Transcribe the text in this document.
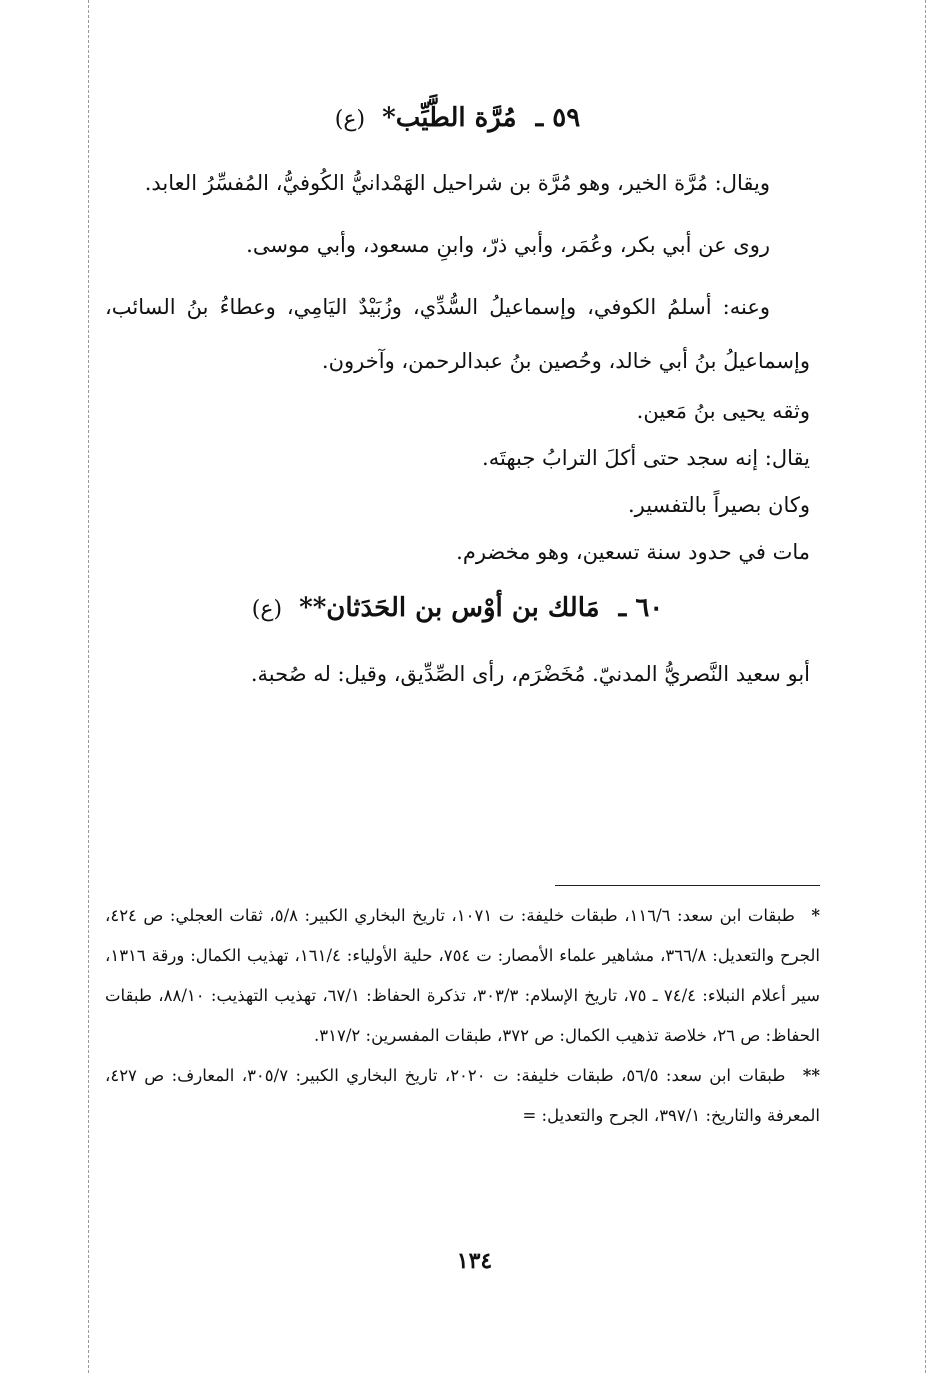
٥٩ ـ مُرَّة الطَّيِّب* (ع)

ويقال: مُرَّة الخير، وهو مُرَّة بن شراحيل الهَمْدانيُّ الكُوفيُّ، المُفسِّرُ العابد.

روى عن أبي بكر، وعُمَر، وأبي ذرّ، وابنِ مسعود، وأبي موسى.

وعنه: أسلمُ الكوفي، وإسماعيلُ السُّدِّي، وزُبَيْدٌ اليَامِي، وعطاءُ بنُ السائب، وإسماعيلُ بنُ أبي خالد، وحُصين بنُ عبدالرحمن، وآخرون.

وثقه يحيى بنُ مَعين.

يقال: إنه سجد حتى أكلَ الترابُ جبهتَه.

وكان بصيراً بالتفسير.

مات في حدود سنة تسعين، وهو مخضرم.

٦٠ ـ مَالك بن أوْس بن الحَدَثان** (ع)

أبو سعيد النَّصريُّ المدنيّ. مُخَضْرَم، رأى الصِّدِّيق، وقيل: له صُحبة.

* طبقات ابن سعد: ١١٦/٦، طبقات خليفة: ت ١٠٧١، تاريخ البخاري الكبير: ٥/٨، ثقات العجلي: ص ٤٢٤، الجرح والتعديل: ٣٦٦/٨، مشاهير علماء الأمصار: ت ٧٥٤، حلية الأولياء: ١٦١/٤، تهذيب الكمال: ورقة ١٣١٦، سير أعلام النبلاء: ٧٤/٤ ـ ٧٥، تاريخ الإسلام: ٣٠٣/٣، تذكرة الحفاظ: ٦٧/١، تهذيب التهذيب: ٨٨/١٠، طبقات الحفاظ: ص ٢٦، خلاصة تذهيب الكمال: ص ٣٧٢، طبقات المفسرين: ٣١٧/٢.

** طبقات ابن سعد: ٥٦/٥، طبقات خليفة: ت ٢٠٢٠، تاريخ البخاري الكبير: ٣٠٥/٧، المعارف: ص ٤٢٧، المعرفة والتاريخ: ٣٩٧/١، الجرح والتعديل: =

١٣٤
